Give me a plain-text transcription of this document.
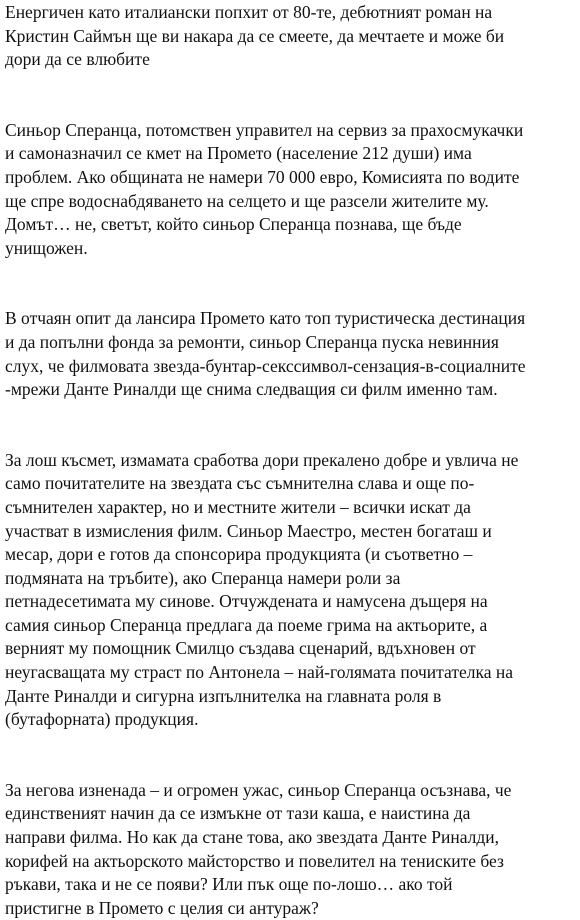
Енергичен като италиански попхит от 80-те, дебютният роман на
Кристин Саймън ще ви накара да се смеете, да мечтаете и може би
дори да се влюбите
Синьор Сперанца, потомствен управител на сервиз за прахосмукачки
и самоназначил се кмет на Промето (население 212 души) има
проблем. Ако общината не намери 70 000 евро, Комисията по водите
ще спре водоснабдяването на селцето и ще разсели жителите му.
Домът… не, светът, който синьор Сперанца познава, ще бъде
унищожен.
В отчаян опит да лансира Промето като топ туристическа дестинация
и да попълни фонда за ремонти, синьор Сперанца пуска невинния
слух, че филмовата звезда-бунтар-секссимвол-сензация-в-социалните
-мрежи Данте Риналди ще снима следващия си филм именно там.
За лош късмет, измамата сработва дори прекалено добре и увлича не
само почитателите на звездата със съмнителна слава и още по-
съмнителен характер, но и местните жители – всички искат да
участват в измисления филм. Синьор Маестро, местен богаташ и
месар, дори е готов да спонсорира продукцията (и съответно –
подмяната на тръбите), ако Сперанца намери роли за
петнадесетимата му синове. Отчуждената и намусена дъщеря на
самия синьор Сперанца предлага да поеме грима на актьорите, а
верният му помощник Смилцо създава сценарий, вдъхновен от
неугасващата му страст по Антонела – най-голямата почитателка на
Данте Риналди и сигурна изпълнителка на главната роля в
(бутафорната) продукция.
За негова изненада – и огромен ужас, синьор Сперанца осъзнава, че
единственият начин да се измъкне от тази каша, е наистина да
направи филма. Но как да стане това, ако звездата Данте Риналди,
корифей на актьорското майсторство и повелител на тениските без
ръкави, така и не се появи? Или пък още по-лошо… ако той
пристигне в Промето с целия си антураж?
